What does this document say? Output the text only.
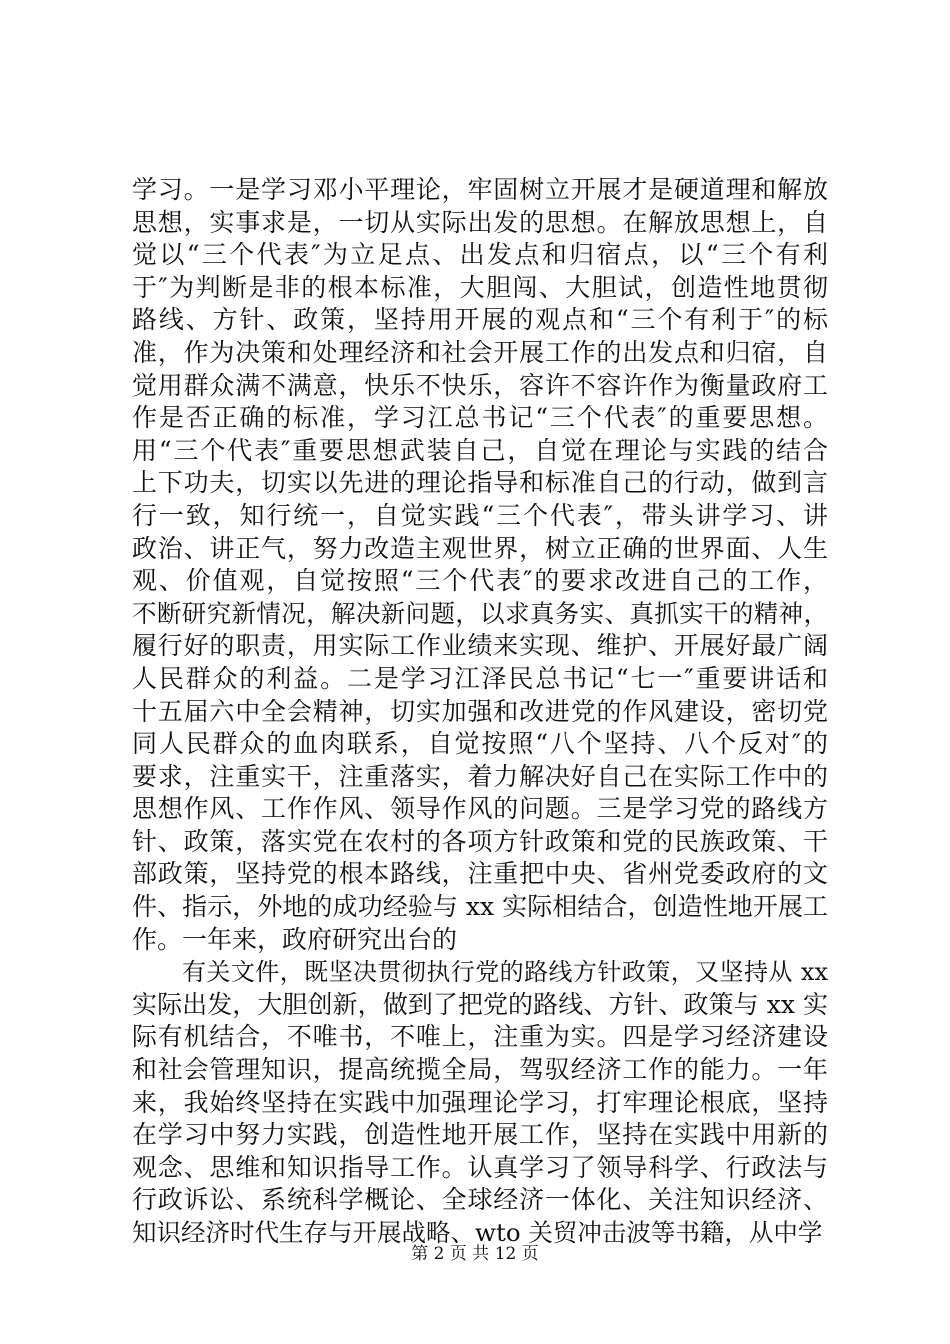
学习。一是学习邓小平理论，牢固树立开展才是硬道理和解放
思想，实事求是，一切从实际出发的思想。在解放思想上，自
觉以“三个代表″为立足点、出发点和归宿点，以“三个有利
于″为判断是非的根本标准，大胆闯、大胆试，创造性地贯彻
路线、方针、政策，坚持用开展的观点和“三个有利于″的标
准，作为决策和处理经济和社会开展工作的出发点和归宿，自
觉用群众满不满意，快乐不快乐，容许不容许作为衡量政府工
作是否正确的标准，学习江总书记“三个代表″的重要思想。
用“三个代表″重要思想武装自己，自觉在理论与实践的结合
上下功夫，切实以先进的理论指导和标准自己的行动，做到言
行一致，知行统一，自觉实践“三个代表″，带头讲学习、讲
政治、讲正气，努力改造主观世界，树立正确的世界面、人生
观、价值观，自觉按照“三个代表″的要求改进自己的工作，
不断研究新情况，解决新问题，以求真务实、真抓实干的精神，
履行好的职责，用实际工作业绩来实现、维护、开展好最广阔
人民群众的利益。二是学习江泽民总书记“七一″重要讲话和
十五届六中全会精神，切实加强和改进党的作风建设，密切党
同人民群众的血肉联系，自觉按照“八个坚持、八个反对″的
要求，注重实干，注重落实，着力解决好自己在实际工作中的
思想作风、工作作风、领导作风的问题。三是学习党的路线方
针、政策，落实党在农村的各项方针政策和党的民族政策、干
部政策，坚持党的根本路线，注重把中央、省州党委政府的文
件、指示，外地的成功经验与 xx 实际相结合，创造性地开展工
作。一年来，政府研究出台的
有关文件，既坚决贯彻执行党的路线方针政策，又坚持从 xx
实际出发，大胆创新，做到了把党的路线、方针、政策与 xx 实
际有机结合，不唯书，不唯上，注重为实。四是学习经济建设
和社会管理知识，提高统揽全局，驾驭经济工作的能力。一年
来，我始终坚持在实践中加强理论学习，打牢理论根底，坚持
在学习中努力实践，创造性地开展工作，坚持在实践中用新的
观念、思维和知识指导工作。认真学习了领导科学、行政法与
行政诉讼、系统科学概论、全球经济一体化、关注知识经济、
知识经济时代生存与开展战略、wto 关贸冲击波等书籍，从中学
第 2 页 共 12 页
